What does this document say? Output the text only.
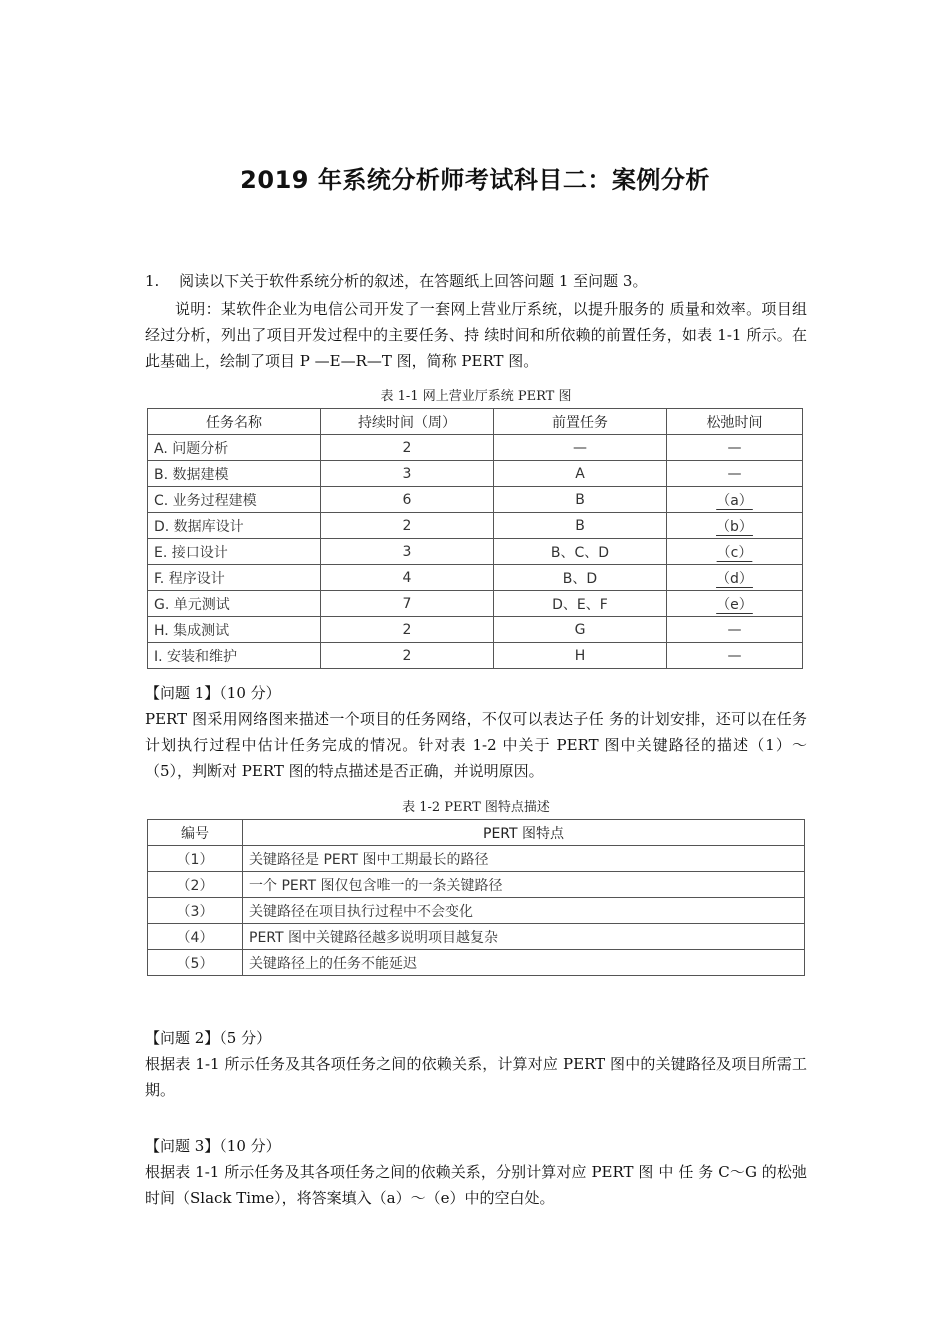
2019 年系统分析师考试科目二：案例分析
1.　 阅读以下关于软件系统分析的叙述，在答题纸上回答问题 1 至问题 3。
说明：某软件企业为电信公司开发了一套网上营业厅系统，以提升服务的 质量和效率。项目组经过分析，列出了项目开发过程中的主要任务、持 续时间和所依赖的前置任务，如表 1-1 所示。在此基础上，绘制了项目 P —E—R—T 图，简称 PERT 图。
表 1-1 网上营业厅系统 PERT 图
任务名称	持续时间（周）	前置任务	松弛时间
A. 问题分析	2	—	—
B. 数据建模	3	A	—
C. 业务过程建模	6	B	（a）
D. 数据库设计	2	B	（b）
E. 接口设计	3	B、C、D	（c）
F. 程序设计	4	B、D	（d）
G. 单元测试	7	D、E、F	（e）
H. 集成测试	2	G	—
I. 安装和维护	2	H	—
【问题 1】（10 分）
PERT 图采用网络图来描述一个项目的任务网络，不仅可以表达子任 务的计划安排，还可以在任务计划执行过程中估计任务完成的情况。针对表 1-2 中关于 PERT 图中关键路径的描述（1）～（5），判断对 PERT 图的特点描述是否正确，并说明原因。
表 1-2 PERT 图特点描述
编号	PERT 图特点
（1）	关键路径是 PERT 图中工期最长的路径
（2）	一个 PERT 图仅包含唯一的一条关键路径
（3）	关键路径在项目执行过程中不会变化
（4）	PERT 图中关键路径越多说明项目越复杂
（5）	关键路径上的任务不能延迟
【问题 2】（5 分）
根据表 1-1 所示任务及其各项任务之间的依赖关系，计算对应 PERT 图中的关键路径及项目所需工期。
【问题 3】（10 分）
根据表 1-1 所示任务及其各项任务之间的依赖关系，分别计算对应 PERT 图 中 任 务 C～G 的松弛时间（Slack Time），将答案填入（a）～（e）中的空白处。
